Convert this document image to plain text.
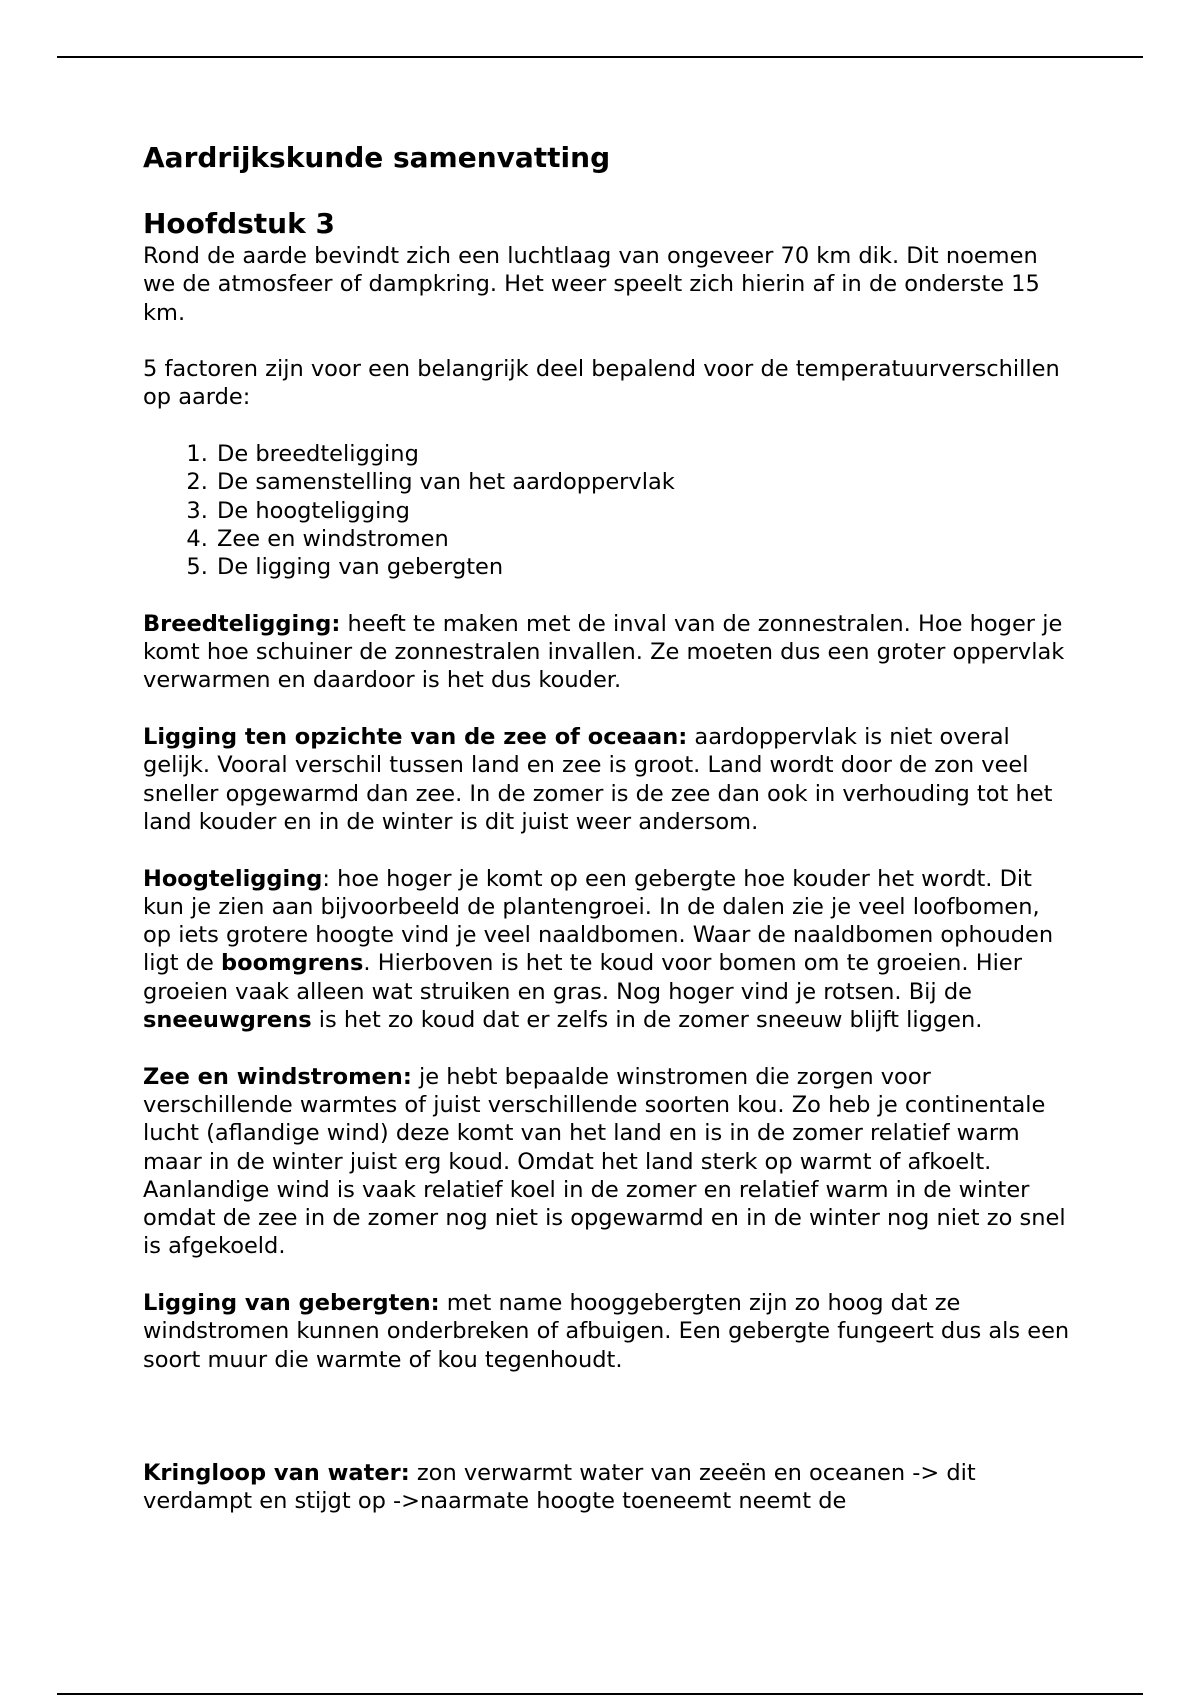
Aardrijkskunde samenvatting
Hoofdstuk 3

Rond de aarde bevindt zich een luchtlaag van ongeveer 70 km dik. Dit noemen we de atmosfeer of dampkring. Het weer speelt zich hierin af in de onderste 15 km.

5 factoren zijn voor een belangrijk deel bepalend voor de temperatuurverschillen op aarde:

1. De breedteligging
2. De samenstelling van het aardoppervlak
3. De hoogteligging
4. Zee en windstromen
5. De ligging van gebergten

Breedteligging: heeft te maken met de inval van de zonnestralen. Hoe hoger je komt hoe schuiner de zonnestralen invallen. Ze moeten dus een groter oppervlak verwarmen en daardoor is het dus kouder.

Ligging ten opzichte van de zee of oceaan: aardoppervlak is niet overal gelijk. Vooral verschil tussen land en zee is groot. Land wordt door de zon veel sneller opgewarmd dan zee. In de zomer is de zee dan ook in verhouding tot het land kouder en in de winter is dit juist weer andersom.

Hoogteligging: hoe hoger je komt op een gebergte hoe kouder het wordt. Dit kun je zien aan bijvoorbeeld de plantengroei. In de dalen zie je veel loofbomen, op iets grotere hoogte vind je veel naaldbomen. Waar de naaldbomen ophouden ligt de boomgrens. Hierboven is het te koud voor bomen om te groeien. Hier groeien vaak alleen wat struiken en gras. Nog hoger vind je rotsen. Bij de sneeuwgrens is het zo koud dat er zelfs in de zomer sneeuw blijft liggen.

Zee en windstromen: je hebt bepaalde winstromen die zorgen voor verschillende warmtes of juist verschillende soorten kou. Zo heb je continentale lucht (aflandige wind) deze komt van het land en is in de zomer relatief warm maar in de winter juist erg koud. Omdat het land sterk op warmt of afkoelt. Aanlandige wind is vaak relatief koel in de zomer en relatief warm in de winter omdat de zee in de zomer nog niet is opgewarmd en in de winter nog niet zo snel is afgekoeld.

Ligging van gebergten: met name hooggebergten zijn zo hoog dat ze windstromen kunnen onderbreken of afbuigen. Een gebergte fungeert dus als een soort muur die warmte of kou tegenhoudt.

Kringloop van water: zon verwarmt water van zeeën en oceanen -> dit verdampt en stijgt op ->naarmate hoogte toeneemt neemt de
